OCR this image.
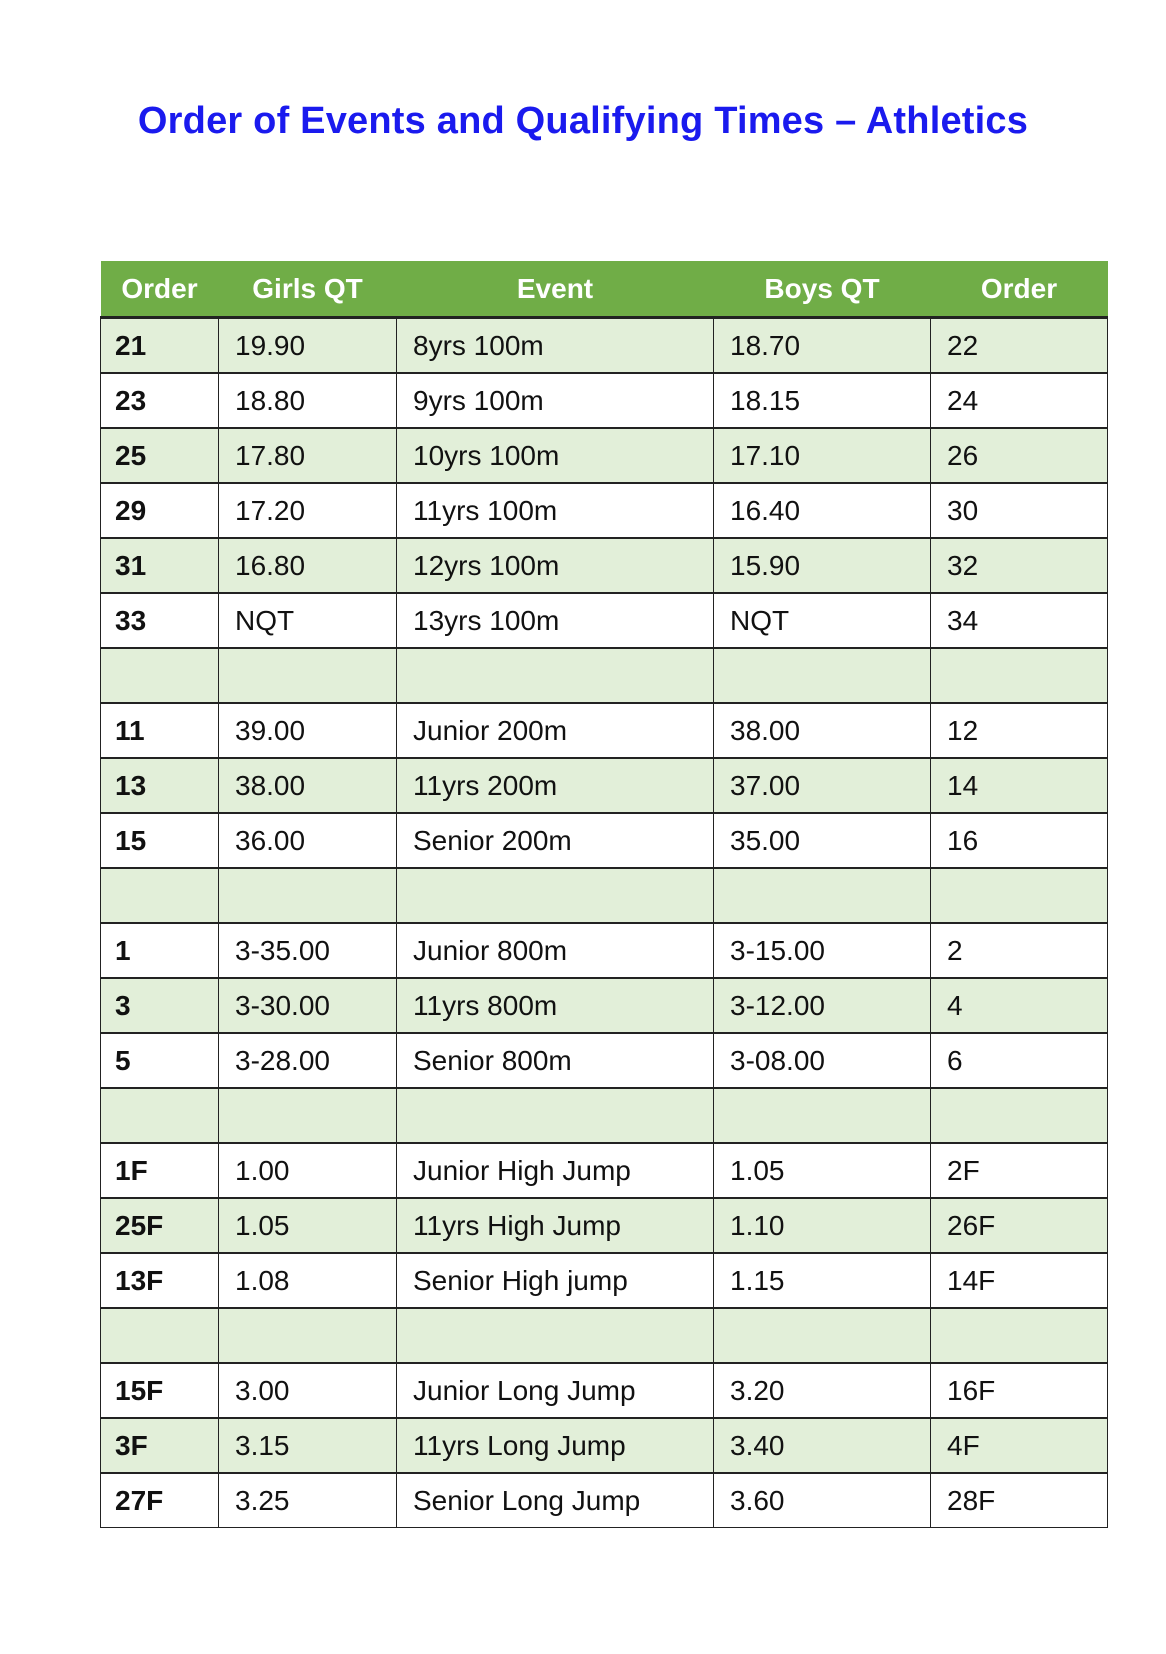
Order of Events and Qualifying Times – Athletics
Order	Girls QT	Event	Boys QT	Order
21	19.90	8yrs 100m	18.70	22
23	18.80	9yrs 100m	18.15	24
25	17.80	10yrs 100m	17.10	26
29	17.20	11yrs 100m	16.40	30
31	16.80	12yrs 100m	15.90	32
33	NQT	13yrs 100m	NQT	34

11	39.00	Junior 200m	38.00	12
13	38.00	11yrs 200m	37.00	14
15	36.00	Senior 200m	35.00	16

1	3-35.00	Junior 800m	3-15.00	2
3	3-30.00	11yrs 800m	3-12.00	4
5	3-28.00	Senior 800m	3-08.00	6

1F	1.00	Junior High Jump	1.05	2F
25F	1.05	11yrs High Jump	1.10	26F
13F	1.08	Senior High jump	1.15	14F

15F	3.00	Junior Long Jump	3.20	16F
3F	3.15	11yrs Long Jump	3.40	4F
27F	3.25	Senior Long Jump	3.60	28F
